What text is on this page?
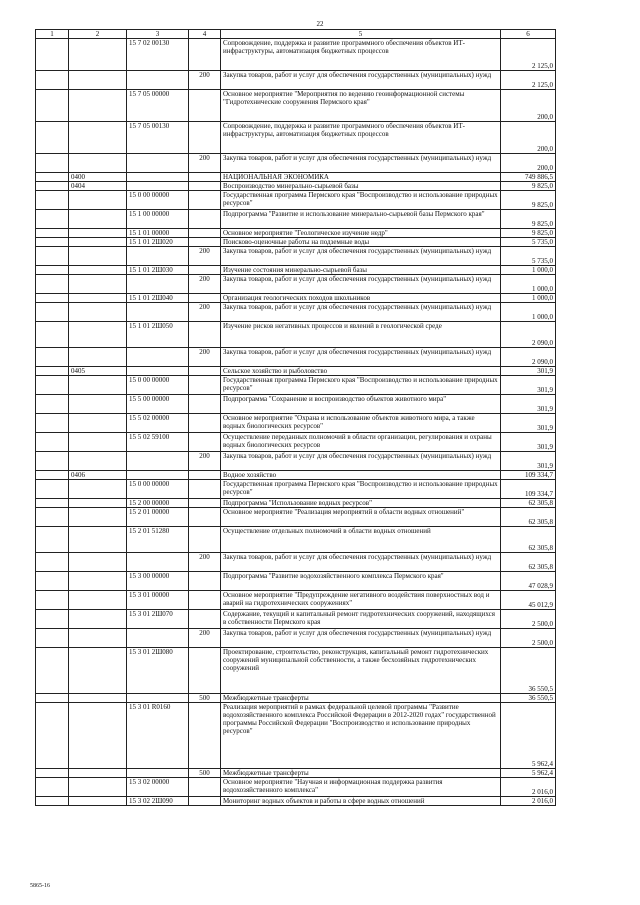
22
1	2	3	4	5	6
		15 7 02 00130		Сопровождение, поддержка и развитие программного обеспечения объектов ИТ-инфраструктуры, автоматизация бюджетных процессов	2 125,0
			200	Закупка товаров, работ и услуг для обеспечения государственных (муниципальных) нужд	2 125,0
		15 7 05 00000		Основное мероприятие "Мероприятия по ведению геоинформационной системы "Гидротехнические сооружения Пермского края"	200,0
		15 7 05 00130		Сопровождение, поддержка и развитие программного обеспечения объектов ИТ-инфраструктуры, автоматизация бюджетных процессов	200,0
			200	Закупка товаров, работ и услуг для обеспечения государственных (муниципальных) нужд	200,0
	0400			НАЦИОНАЛЬНАЯ ЭКОНОМИКА	749 886,5
	0404			Воспроизводство минерально-сырьевой базы	9 825,0
		15 0 00 00000		Государственная программа Пермского края "Воспроизводство и использование природных ресурсов"	9 825,0
		15 1 00 00000		Подпрограмма "Развитие и использование минерально-сырьевой базы Пермского края"	9 825,0
		15 1 01 00000		Основное мероприятие "Геологическое изучение недр"	9 825,0
		15 1 01 2Ш020		Поисково-оценочные работы на подземные воды	5 735,0
			200	Закупка товаров, работ и услуг для обеспечения государственных (муниципальных) нужд	5 735,0
		15 1 01 2Ш030		Изучение состояния минерально-сырьевой базы	1 000,0
			200	Закупка товаров, работ и услуг для обеспечения государственных (муниципальных) нужд	1 000,0
		15 1 01 2Ш040		Организация геологических походов школьников	1 000,0
			200	Закупка товаров, работ и услуг для обеспечения государственных (муниципальных) нужд	1 000,0
		15 1 01 2Ш050		Изучение рисков негативных процессов и явлений в геологической среде	2 090,0
			200	Закупка товаров, работ и услуг для обеспечения государственных (муниципальных) нужд	2 090,0
	0405			Сельское хозяйство и рыболовство	301,9
		15 0 00 00000		Государственная программа Пермского края "Воспроизводство и использование природных ресурсов"	301,9
		15 5 00 00000		Подпрограмма "Сохранение и воспроизводство объектов животного мира"	301,9
		15 5 02 00000		Основное мероприятие "Охрана и использование объектов животного мира, а также водных биологических ресурсов"	301,9
		15 5 02 59100		Осуществление переданных полномочий в области организации, регулирования и охраны водных биологических ресурсов	301,9
			200	Закупка товаров, работ и услуг для обеспечения государственных (муниципальных) нужд	301,9
	0406			Водное хозяйство	109 334,7
		15 0 00 00000		Государственная программа Пермского края "Воспроизводство и использование природных ресурсов"	109 334,7
		15 2 00 00000		Подпрограмма "Использование водных ресурсов"	62 305,8
		15 2 01 00000		Основное мероприятие "Реализация мероприятий в области водных отношений"	62 305,8
		15 2 01 51280		Осуществление отдельных полномочий в области водных отношений	62 305,8
			200	Закупка товаров, работ и услуг для обеспечения государственных (муниципальных) нужд	62 305,8
		15 3 00 00000		Подпрограмма "Развитие водохозяйственного комплекса Пермского края"	47 028,9
		15 3 01 00000		Основное мероприятие "Предупреждение негативного воздействия поверхностных вод и аварий на гидротехнических сооружениях"	45 012,9
		15 3 01 2Ш070		Содержание, текущий и капитальный ремонт гидротехнических сооружений, находящихся в собственности Пермского края	2 500,0
			200	Закупка товаров, работ и услуг для обеспечения государственных (муниципальных) нужд	2 500,0
		15 3 01 2Ш080		Проектирование, строительство, реконструкция, капитальный ремонт гидротехнических сооружений муниципальной собственности, а также бесхозяйных гидротехнических сооружений	36 550,5
			500	Межбюджетные трансферты	36 550,5
		15 3 01 R0160		Реализация мероприятий в рамках федеральной целевой программы "Развитие водохозяйственного комплекса Российской Федерации в 2012-2020 годах" государственной программы Российской Федерации "Воспроизводство и использование природных ресурсов"	5 962,4
			500	Межбюджетные трансферты	5 962,4
		15 3 02 00000		Основное мероприятие "Научная и информационная поддержка развития водохозяйственного комплекса"	2 016,0
		15 3 02 2Ш090		Мониторинг водных объектов и работы в сфере водных отношений	2 016,0
5865-16
